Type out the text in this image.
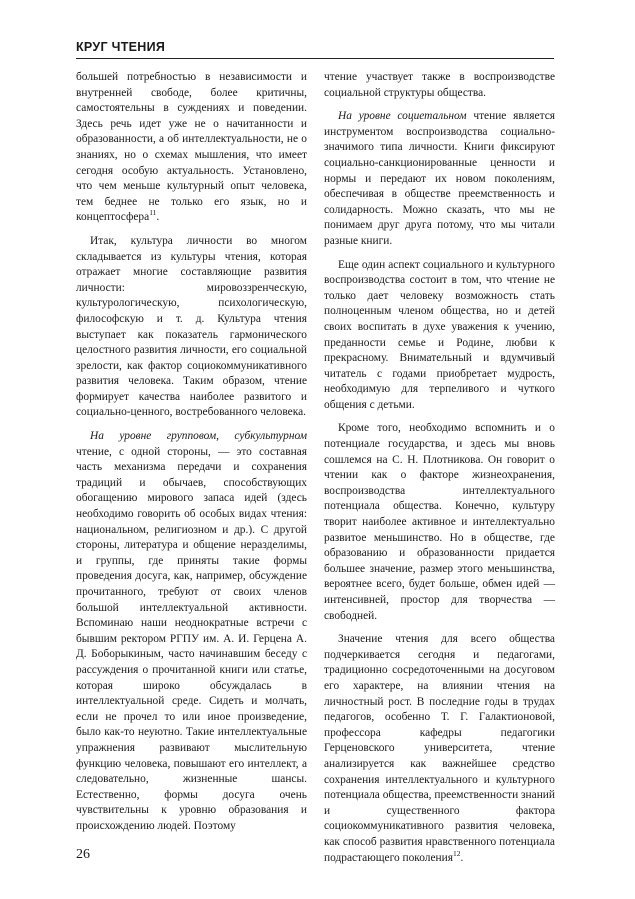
КРУГ ЧТЕНИЯ

большей потребностью в независимости и внутренней свободе, более критичны, самостоятельны в суждениях и поведении. Здесь речь идет уже не о начитанности и образованности, а об интеллектуальности, не о знаниях, но о схемах мышления, что имеет сегодня особую актуальность. Установлено, что чем меньше культурный опыт человека, тем беднее не только его язык, но и концептосфера$^{11}$.

Итак, культура личности во многом складывается из культуры чтения, которая отражает многие составляющие развития личности: мировоззренческую, культурологическую, психологическую, философскую и т. д. Культура чтения выступает как показатель гармонического целостного развития личности, его социальной зрелости, как фактор социокоммуникативного развития человека. Таким образом, чтение формирует качества наиболее развитого и социально-ценного, востребованного человека.

На уровне групповом, субкультурном чтение, с одной стороны, — это составная часть механизма передачи и сохранения традиций и обычаев, способствующих обогащению мирового запаса идей (здесь необходимо говорить об особых видах чтения: национальном, религиозном и др.). С другой стороны, литература и общение неразделимы, и группы, где приняты такие формы проведения досуга, как, например, обсуждение прочитанного, требуют от своих членов большой интеллектуальной активности. Вспоминаю наши неоднократные встречи с бывшим ректором РГПУ им. А. И. Герцена А. Д. Боборыкиным, часто начинавшим беседу с рассуждения о прочитанной книги или статье, которая широко обсуждалась в интеллектуальной среде. Сидеть и молчать, если не прочел то или иное произведение, было как-то неуютно. Такие интеллектуальные упражнения развивают мыслительную функцию человека, повышают его интеллект, а следовательно, жизненные шансы. Естественно, формы досуга очень чувствительны к уровню образования и происхождению людей. Поэтому

чтение участвует также в воспроизводстве социальной структуры общества.

На уровне социетальном чтение является инструментом воспроизводства социально-значимого типа личности. Книги фиксируют социально-санкционированные ценности и нормы и передают их новом поколениям, обеспечивая в обществе преемственность и солидарность. Можно сказать, что мы не понимаем друг друга потому, что мы читали разные книги.

Еще один аспект социального и культурного воспроизводства состоит в том, что чтение не только дает человеку возможность стать полноценным членом общества, но и детей своих воспитать в духе уважения к учению, преданности семье и Родине, любви к прекрасному. Внимательный и вдумчивый читатель с годами приобретает мудрость, необходимую для терпеливого и чуткого общения с детьми.

Кроме того, необходимо вспомнить и о потенциале государства, и здесь мы вновь сошлемся на С. Н. Плотникова. Он говорит о чтении как о факторе жизнеохранения, воспроизводства интеллектуального потенциала общества. Конечно, культуру творит наиболее активное и интеллектуально развитое меньшинство. Но в обществе, где образованию и образованности придается большее значение, размер этого меньшинства, вероятнее всего, будет больше, обмен идей — интенсивней, простор для творчества — свободней.

Значение чтения для всего общества подчеркивается сегодня и педагогами, традиционно сосредоточенными на досуговом его характере, на влиянии чтения на личностный рост. В последние годы в трудах педагогов, особенно Т. Г. Галактионовой, профессора кафедры педагогики Герценовского университета, чтение анализируется как важнейшее средство сохранения интеллектуального и культурного потенциала общества, преемственности знаний и существенного фактора социокоммуникативного развития человека, как способ развития нравственного потенциала подрастающего поколения$^{12}$.

26
